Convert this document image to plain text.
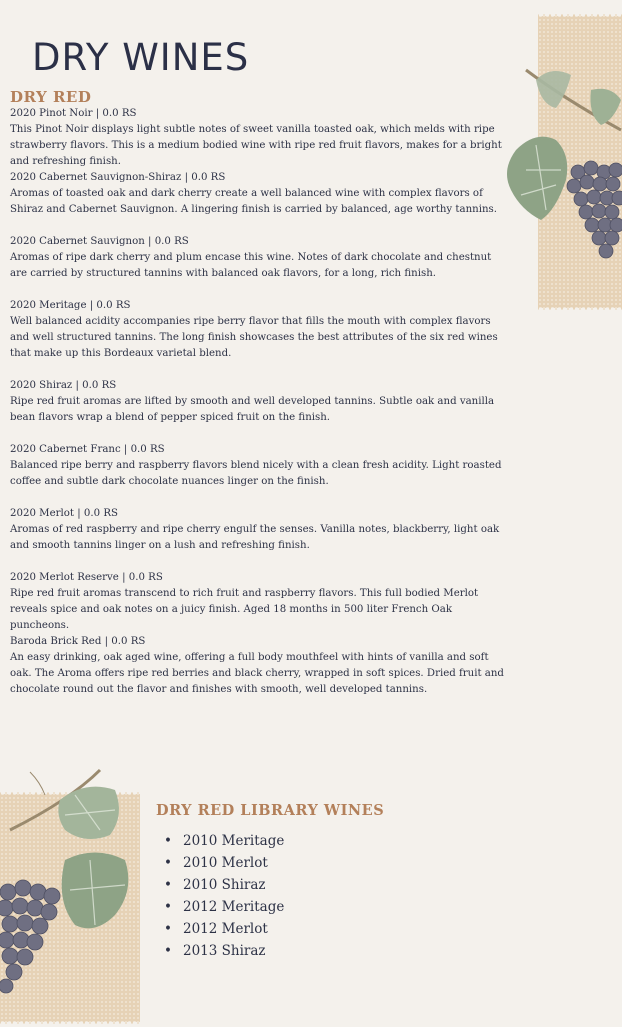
DRY WINES
DRY RED
2020 Pinot Noir | 0.0 RS
This Pinot Noir displays light subtle notes of sweet vanilla toasted oak, which melds with ripe strawberry flavors. This is a medium bodied wine with ripe red fruit flavors, makes for a bright and refreshing finish.
2020 Cabernet Sauvignon-Shiraz | 0.0 RS
Aromas of toasted oak and dark cherry create a well balanced wine with complex flavors of Shiraz and Cabernet Sauvignon. A lingering finish is carried by balanced, age worthy tannins.
2020 Cabernet Sauvignon | 0.0 RS
Aromas of ripe dark cherry and plum encase this wine. Notes of dark chocolate and chestnut are carried by structured tannins with balanced oak flavors, for a long, rich finish.
2020 Meritage | 0.0 RS
Well balanced acidity accompanies ripe berry flavor that fills the mouth with complex flavors and well structured tannins. The long finish showcases the best attributes of the six red wines that make up this Bordeaux varietal blend.
2020 Shiraz | 0.0 RS
Ripe red fruit aromas are lifted by smooth and well developed tannins. Subtle oak and vanilla bean flavors wrap a blend of pepper spiced fruit on the finish.
2020 Cabernet Franc | 0.0 RS
Balanced ripe berry and raspberry flavors blend nicely with a clean fresh acidity. Light roasted coffee and subtle dark chocolate nuances linger on the finish.
2020 Merlot | 0.0 RS
Aromas of red raspberry and ripe cherry engulf the senses. Vanilla notes, blackberry, light oak and smooth tannins linger on a lush and refreshing finish.
2020 Merlot Reserve | 0.0 RS
Ripe red fruit aromas transcend to rich fruit and raspberry flavors. This full bodied Merlot reveals spice and oak notes on a juicy finish. Aged 18 months in 500 liter French Oak puncheons.
Baroda Brick Red | 0.0 RS
An easy drinking, oak aged wine, offering a full body mouthfeel with hints of vanilla and soft oak. The Aroma offers ripe red berries and black cherry, wrapped in soft spices. Dried fruit and chocolate round out the flavor and finishes with smooth, well developed tannins.
DRY RED LIBRARY WINES
• 2010 Meritage
• 2010 Merlot
• 2010 Shiraz
• 2012 Meritage
• 2012 Merlot
• 2013 Shiraz
